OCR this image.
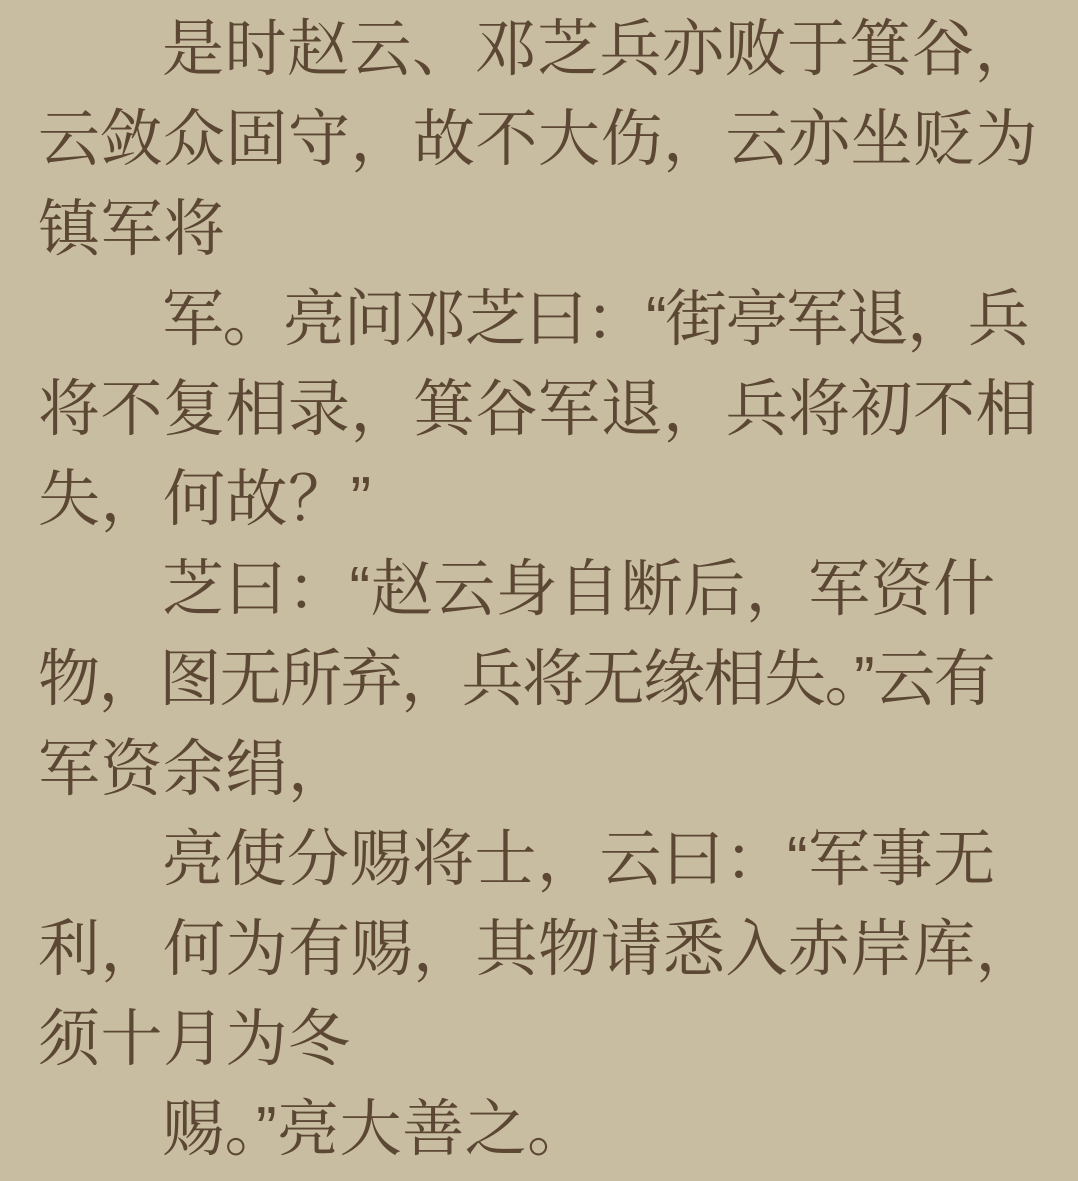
是时赵云、邓芝兵亦败于箕谷，
云敛众固守，故不大伤，云亦坐贬为
镇军将
军。亮问邓芝曰：“街亭军退，兵
将不复相录，箕谷军退，兵将初不相
失，何故？”
芝曰：“赵云身自断后，军资什
物，图无所弃，兵将无缘相失。”云有
军资余绢，
亮使分赐将士，云曰：“军事无
利，何为有赐，其物请悉入赤岸库，
须十月为冬
赐。”亮大善之。
